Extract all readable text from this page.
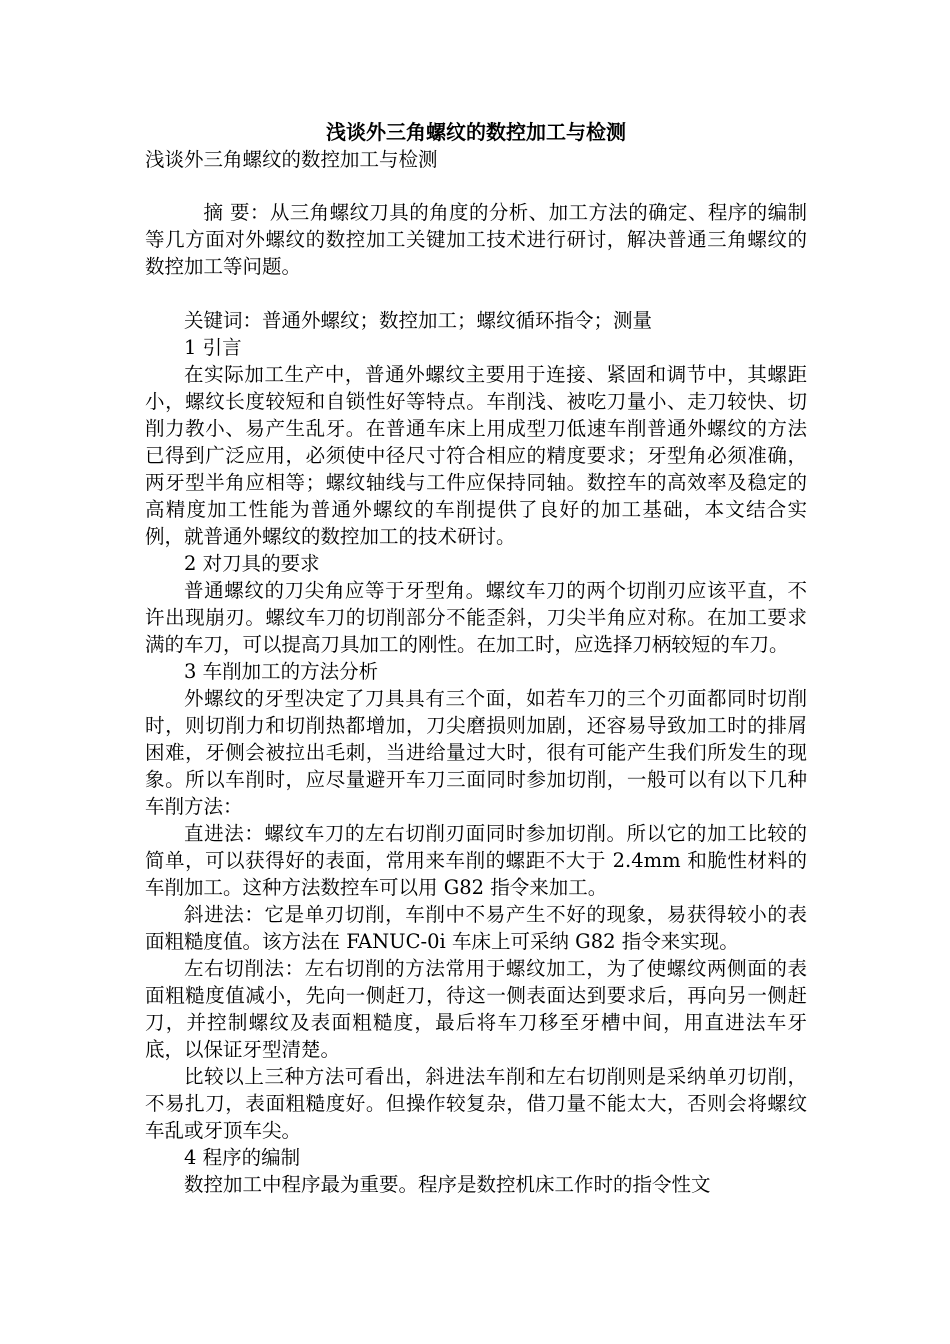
浅谈外三角螺纹的数控加工与检测

浅谈外三角螺纹的数控加工与检测

摘 要：从三角螺纹刀具的角度的分析、加工方法的确定、程序的编制等几方面对外螺纹的数控加工关键加工技术进行研讨，解决普通三角螺纹的数控加工等问题。

关键词：普通外螺纹；数控加工；螺纹循环指令；测量

1 引言

在实际加工生产中，普通外螺纹主要用于连接、紧固和调节中，其螺距小，螺纹长度较短和自锁性好等特点。车削浅、被吃刀量小、走刀较快、切削力教小、易产生乱牙。在普通车床上用成型刀低速车削普通外螺纹的方法已得到广泛应用，必须使中径尺寸符合相应的精度要求；牙型角必须准确，两牙型半角应相等；螺纹轴线与工件应保持同轴。数控车的高效率及稳定的高精度加工性能为普通外螺纹的车削提供了良好的加工基础，本文结合实例，就普通外螺纹的数控加工的技术研讨。

2 对刀具的要求

普通螺纹的刀尖角应等于牙型角。螺纹车刀的两个切削刃应该平直，不许出现崩刃。螺纹车刀的切削部分不能歪斜，刀尖半角应对称。在加工要求满的车刀，可以提高刀具加工的刚性。在加工时，应选择刀柄较短的车刀。

3 车削加工的方法分析

外螺纹的牙型决定了刀具具有三个面，如若车刀的三个刃面都同时切削时，则切削力和切削热都增加，刀尖磨损则加剧，还容易导致加工时的排屑困难，牙侧会被拉出毛刺，当进给量过大时，很有可能产生我们所发生的现象。所以车削时，应尽量避开车刀三面同时参加切削，一般可以有以下几种车削方法：

直进法：螺纹车刀的左右切削刃面同时参加切削。所以它的加工比较的简单，可以获得好的表面，常用来车削的螺距不大于 2.4mm 和脆性材料的车削加工。这种方法数控车可以用 G82 指令来加工。

斜进法：它是单刃切削，车削中不易产生不好的现象，易获得较小的表面粗糙度值。该方法在 FANUC-0i 车床上可采纳 G82 指令来实现。

左右切削法：左右切削的方法常用于螺纹加工，为了使螺纹两侧面的表面粗糙度值减小，先向一侧赶刀，待这一侧表面达到要求后，再向另一侧赶刀，并控制螺纹及表面粗糙度，最后将车刀移至牙槽中间，用直进法车牙底，以保证牙型清楚。

比较以上三种方法可看出，斜进法车削和左右切削则是采纳单刃切削，不易扎刀，表面粗糙度好。但操作较复杂，借刀量不能太大，否则会将螺纹车乱或牙顶车尖。

4 程序的编制

数控加工中程序最为重要。程序是数控机床工作时的指令性文
